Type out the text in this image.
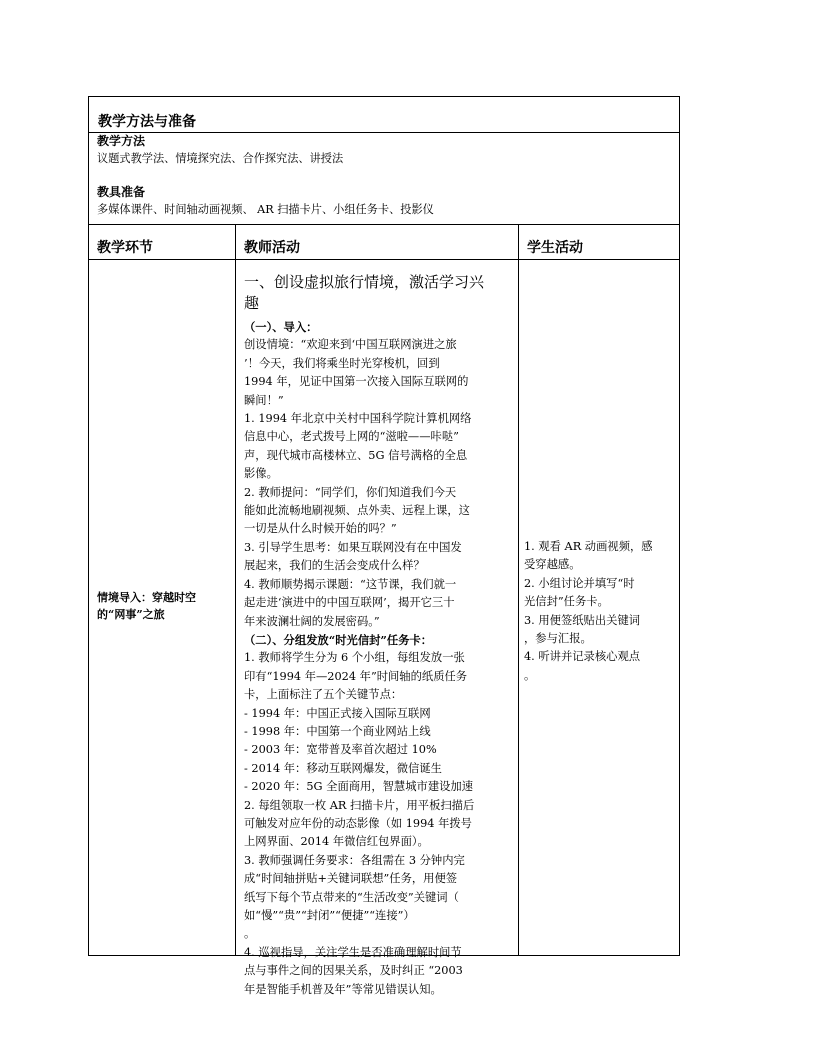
教学方法与准备
教学方法
议题式教学法、情境探究法、合作探究法、讲授法
教具准备
多媒体课件、时间轴动画视频、 AR 扫描卡片、小组任务卡、投影仪
教学环节	教师活动	学生活动
情境导入：穿越时空
的“网事”之旅
一、创设虚拟旅行情境，激活学习兴
趣
（一）、导入：
创设情境：“欢迎来到‘中国互联网演进之旅
’！今天，我们将乘坐时光穿梭机，回到
1994 年，见证中国第一次接入国际互联网的
瞬间！”
1. 1994 年北京中关村中国科学院计算机网络
信息中心，老式拨号上网的“滋啦——咔哒”
声，现代城市高楼林立、5G 信号满格的全息
影像。
2. 教师提问：“同学们，你们知道我们今天
能如此流畅地刷视频、点外卖、远程上课，这
一切是从什么时候开始的吗？”
3. 引导学生思考：如果互联网没有在中国发
展起来，我们的生活会变成什么样？
4. 教师顺势揭示课题：“这节课，我们就一
起走进‘演进中的中国互联网’，揭开它三十
年来波澜壮阔的发展密码。”
（二）、分组发放“时光信封”任务卡：
1. 教师将学生分为 6 个小组，每组发放一张
印有“1994 年—2024 年”时间轴的纸质任务
卡，上面标注了五个关键节点：
- 1994 年：中国正式接入国际互联网
- 1998 年：中国第一个商业网站上线
- 2003 年：宽带普及率首次超过 10%
- 2014 年：移动互联网爆发，微信诞生
- 2020 年：5G 全面商用，智慧城市建设加速
2. 每组领取一枚 AR 扫描卡片，用平板扫描后
可触发对应年份的动态影像（如 1994 年拨号
上网界面、2014 年微信红包界面）。
3. 教师强调任务要求：各组需在 3 分钟内完
成“时间轴拼贴+关键词联想”任务，用便签
纸写下每个节点带来的“生活改变”关键词（
如“慢”“贵”“封闭”“便捷”“连接”）
。
4. 巡视指导，关注学生是否准确理解时间节
点与事件之间的因果关系，及时纠正 “2003
年是智能手机普及年”等常见错误认知。
1. 观看 AR 动画视频，感
受穿越感。
2. 小组讨论并填写“时
光信封”任务卡。
3. 用便签纸贴出关键词
，参与汇报。
4. 听讲并记录核心观点
。
